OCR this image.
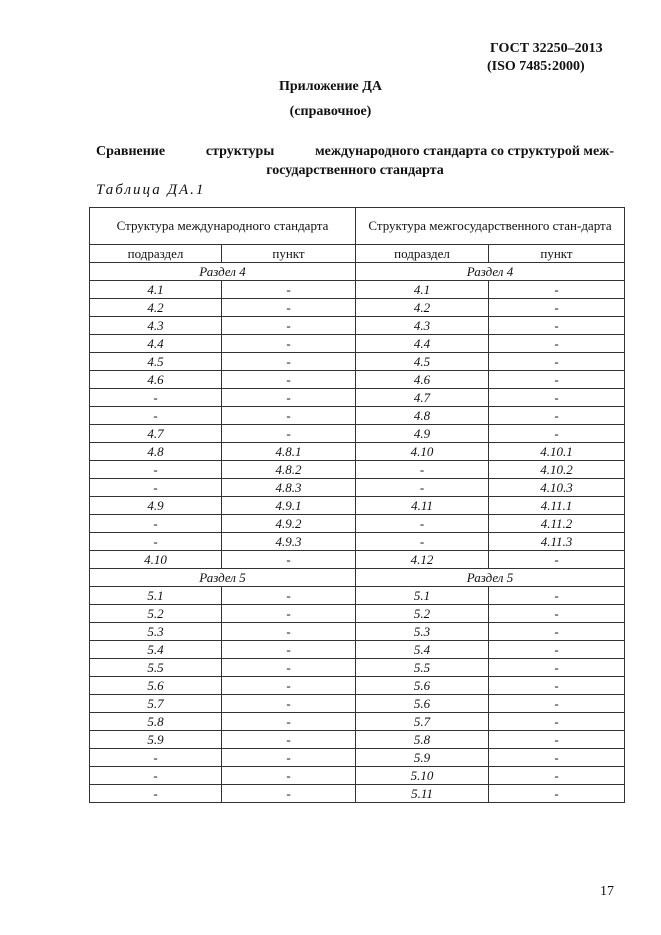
ГОСТ 32250–2013
(ISO 7485:2000)
Приложение ДА
(справочное)
Сравнение	структуры	международного стандарта со структурой меж-
государственного стандарта
Таблица ДА.1
Структура международного стандарта		Структура межгосударственного стан-дарта	
подраздел	пункт	подраздел	пункт
Раздел 4		Раздел 4	
4.1	-	4.1	-
4.2	-	4.2	-
4.3	-	4.3	-
4.4	-	4.4	-
4.5	-	4.5	-
4.6	-	4.6	-
-	-	4.7	-
-	-	4.8	-
4.7	-	4.9	-
4.8	4.8.1	4.10	4.10.1
-	4.8.2	-	4.10.2
-	4.8.3	-	4.10.3
4.9	4.9.1	4.11	4.11.1
-	4.9.2	-	4.11.2
-	4.9.3	-	4.11.3
4.10	-	4.12	-
Раздел 5		Раздел 5	
5.1	-	5.1	-
5.2	-	5.2	-
5.3	-	5.3	-
5.4	-	5.4	-
5.5	-	5.5	-
5.6	-	5.6	-
5.7	-	5.6	-
5.8	-	5.7	-
5.9	-	5.8	-
-	-	5.9	-
-	-	5.10	-
-	-	5.11	-
17
